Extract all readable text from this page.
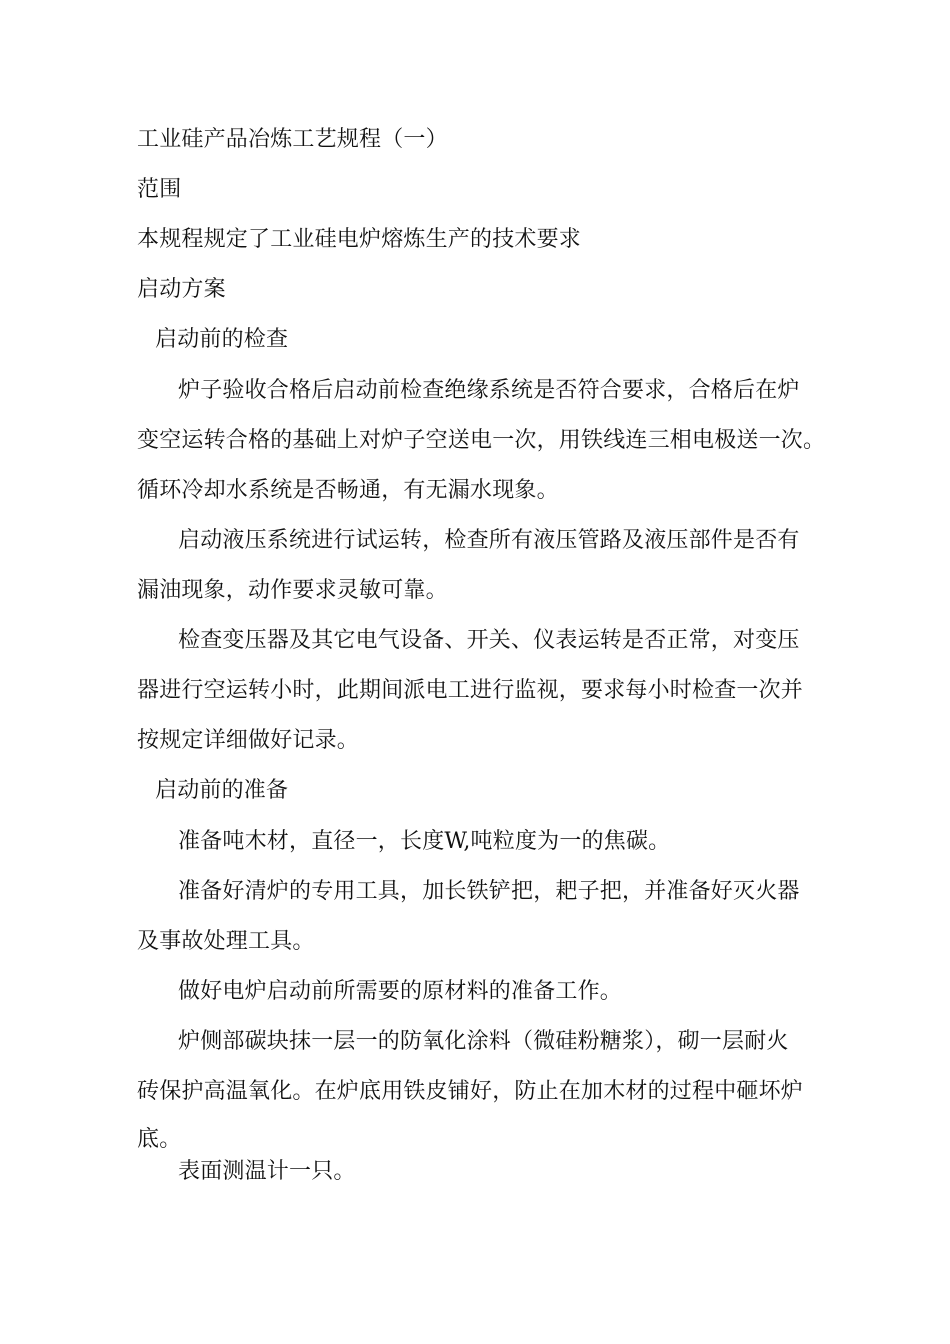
工业硅产品冶炼工艺规程（一）
范围
本规程规定了工业硅电炉熔炼生产的技术要求
启动方案
启动前的检查
炉子验收合格后启动前检查绝缘系统是否符合要求，合格后在炉
变空运转合格的基础上对炉子空送电一次，用铁线连三相电极送一次。
循环冷却水系统是否畅通，有无漏水现象。
启动液压系统进行试运转，检查所有液压管路及液压部件是否有
漏油现象，动作要求灵敏可靠。
检查变压器及其它电气设备、开关、仪表运转是否正常，对变压
器进行空运转小时，此期间派电工进行监视，要求每小时检查一次并
按规定详细做好记录。
启动前的准备
准备吨木材，直径一，长度W,吨粒度为一的焦碳。
准备好清炉的专用工具，加长铁铲把，耙子把，并准备好灭火器
及事故处理工具。
做好电炉启动前所需要的原材料的准备工作。
炉侧部碳块抹一层一的防氧化涂料（微硅粉糖浆），砌一层耐火
砖保护高温氧化。在炉底用铁皮铺好，防止在加木材的过程中砸坏炉
底。
表面测温计一只。
